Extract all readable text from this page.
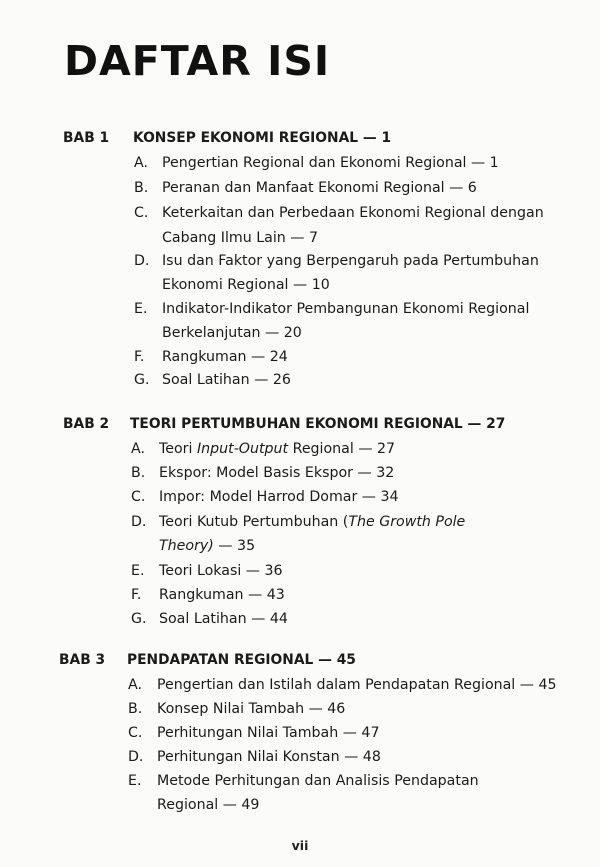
DAFTAR ISI
BAB 1 KONSEP EKONOMI REGIONAL — 1
A. Pengertian Regional dan Ekonomi Regional — 1
B. Peranan dan Manfaat Ekonomi Regional — 6
C. Keterkaitan dan Perbedaan Ekonomi Regional dengan
Cabang Ilmu Lain — 7
D. Isu dan Faktor yang Berpengaruh pada Pertumbuhan
Ekonomi Regional — 10
E.	Indikator-Indikator Pembangunan Ekonomi Regional
Berkelanjutan — 20
F.	Rangkuman — 24
G. Soal Latihan — 26
BAB 2 TEORI PERTUMBUHAN EKONOMI REGIONAL — 27
A. Teori Input-Output Regional — 27
B. Ekspor: Model Basis Ekspor — 32
C. Impor: Model Harrod Domar — 34
D. Teori Kutub Pertumbuhan (The Growth Pole
Theory) — 35
E.	Teori Lokasi — 36
F.	Rangkuman — 43
G. Soal Latihan — 44
BAB 3 PENDAPATAN REGIONAL — 45
A.	Pengertian dan Istilah dalam Pendapatan Regional — 45
B.	Konsep Nilai Tambah — 46
C.	Perhitungan Nilai Tambah — 47
D. Perhitungan Nilai Konstan — 48
E.	Metode Perhitungan dan Analisis Pendapatan
Regional — 49
vii
